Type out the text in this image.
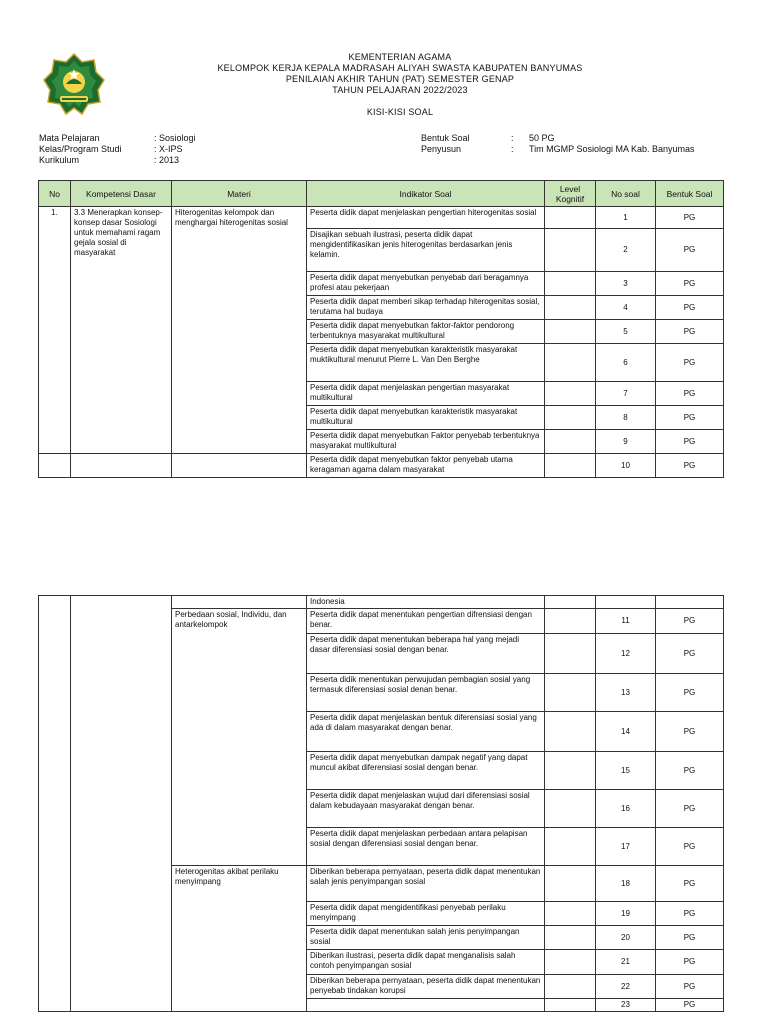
KEMENTERIAN AGAMA
KELOMPOK KERJA KEPALA MADRASAH ALIYAH SWASTA KABUPATEN BANYUMAS
PENILAIAN AKHIR TAHUN (PAT) SEMESTER GENAP
TAHUN PELAJARAN 2022/2023
KISI-KISI SOAL
Mata Pelajaran	: Sosiologi
Kelas/Program Studi	: X-IPS
Kurikulum	: 2013
Bentuk Soal	:	50 PG
Penyusun	:	Tim MGMP Sosiologi MA Kab. Banyumas
No	Kompetensi Dasar	Materi	Indikator Soal	Level Kognitif	No soal	Bentuk Soal
1.	3.3 Menerapkan konsep-konsep dasar Sosiologi untuk memahami ragam gejala sosial di masyarakat	Hiterogenitas kelompok dan menghargai hiterogenitas sosial	Peserta didik dapat menjelaskan pengertian hiterogenitas sosial		1	PG
			Disajikan sebuah ilustrasi, peserta didik dapat mengidentifikasikan jenis hiterogenitas berdasarkan jenis kelamin.		2	PG
			Peserta didik dapat menyebutkan penyebab dari beragamnya profesi atau pekerjaan		3	PG
			Peserta didik dapat memberi sikap terhadap hiterogenitas sosial, terutama hal budaya		4	PG
			Peserta didik dapat menyebutkan faktor-faktor pendorong terbentuknya masyarakat multikultural		5	PG
			Peserta didik dapat menyebutkan karakteristik masyarakat muktikultural menurut Pierre L. Van Den Berghe		6	PG
			Peserta didik dapat menjelaskan pengertian masyarakat multikultural		7	PG
			Peserta didik dapat menyebutkan karakteristik masyarakat multikultural		8	PG
			Peserta didik dapat menyebutkan Faktor penyebab terbentuknya masyarakat multikultural		9	PG
			Peserta didik dapat menyebutkan faktor penyebab utama keragaman agama dalam masyarakat		10	PG
			Indonesia			
		Perbedaan sosial, Individu, dan antarkelompok	Peserta didik dapat menentukan pengertian difrensiasi dengan benar.		11	PG
			Peserta didik dapat menentukan beberapa hal yang mejadi dasar diferensiasi sosial dengan benar.		12	PG
			Peserta didik menentukan perwujudan pembagian sosial yang termasuk diferensiasi sosial denan benar.		13	PG
			Peserta didik dapat menjelaskan bentuk diferensiasi sosial yang ada di dalam masyarakat dengan benar.		14	PG
			Peserta didik dapat menyebutkan dampak negatif yang dapat muncul akibat diferensiasi sosial dengan benar.		15	PG
			Peserta didik dapat menjelaskan wujud dari diferensiasi sosial dalam kebudayaan masyarakat dengan benar.		16	PG
			Peserta didik dapat menjelaskan perbedaan antara pelapisan sosial dengan diferensiasi sosial dengan benar.		17	PG
		Heterogenitas akibat perilaku menyimpang	Diberikan beberapa pernyataan, peserta didik dapat menentukan salah jenis penyimpangan sosial		18	PG
			Peserta didik dapat mengidentifikasi penyebab perilaku menyimpang		19	PG
			Peserta didik dapat menentukan salah jenis penyimpangan sosial		20	PG
			Diberikan ilustrasi, peserta didik dapat menganalisis salah contoh penyimpangan sosial		21	PG
			Diberikan beberapa pernyataan, peserta didik dapat menentukan penyebab tindakan korupsi		22	PG
					23	PG
